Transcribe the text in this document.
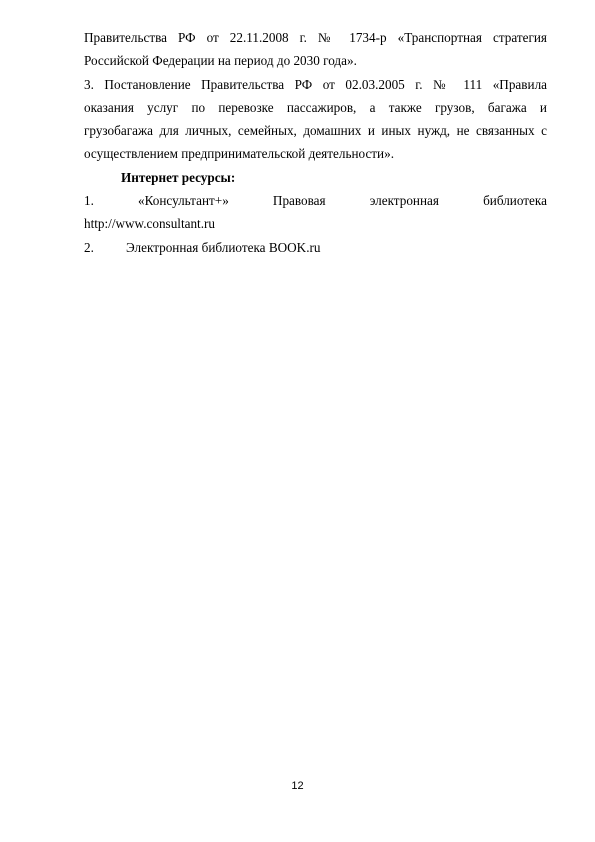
Правительства РФ от 22.11.2008 г. № 1734-р «Транспортная стратегия
Российской Федерации на период до 2030 года».
3. Постановление Правительства РФ от 02.03.2005 г. № 111 «Правила
оказания услуг по перевозке пассажиров, а также грузов, багажа и
грузобагажа для личных, семейных, домашних и иных нужд, не связанных с
осуществлением предпринимательской деятельности».

Интернет ресурсы:

1.	«Консультант+»	Правовая	электронная	библиотека
http://www.consultant.ru
2.	Электронная библиотека BOOK.ru
12
